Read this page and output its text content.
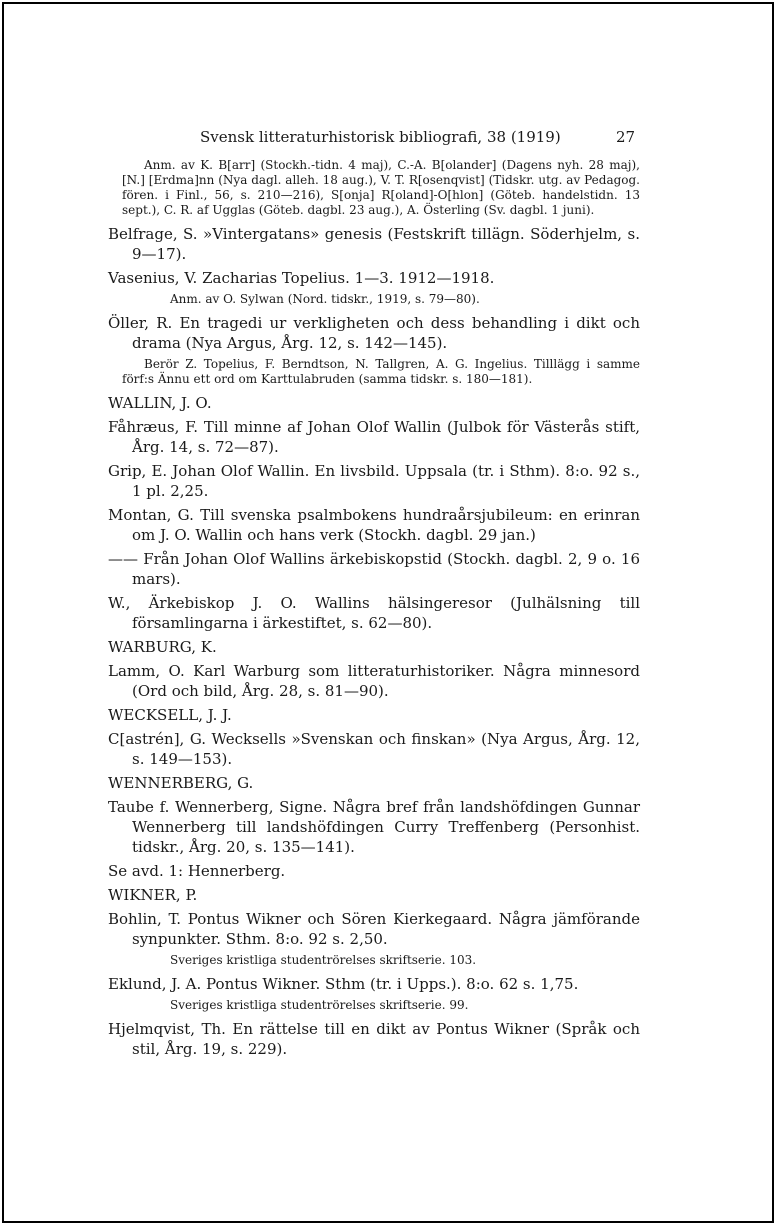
Svensk litteraturhistorisk bibliografi, 38 (1919)	27
Anm. av K. B[arr] (Stockh.-tidn. 4 maj), C.-A. B[olander] (Dagens nyh. 28 maj), [N.] [Erdma]nn (Nya dagl. alleh. 18 aug.), V. T. R[osenqvist] (Tidskr. utg. av Pedagog. fören. i Finl., 56, s. 210—216), S[onja] R[oland]-O[hlon] (Göteb. handelstidn. 13 sept.), C. R. af Ugglas (Göteb. dagbl. 23 aug.), A. Österling (Sv. dagbl. 1 juni).
Belfrage, S. »Vintergatans» genesis (Festskrift tillägn. Söderhjelm, s. 9—17).
Vasenius, V. Zacharias Topelius. 1—3. 1912—1918.
Anm. av O. Sylwan (Nord. tidskr., 1919, s. 79—80).
Öller, R. En tragedi ur verkligheten och dess behandling i dikt och drama (Nya Argus, Årg. 12, s. 142—145).
Berör Z. Topelius, F. Berndtson, N. Tallgren, A. G. Ingelius. Tilllägg i samme förf:s Ännu ett ord om Karttulabruden (samma tidskr. s. 180—181).
WALLIN, J. O.
Fåhræus, F. Till minne af Johan Olof Wallin (Julbok för Västerås stift, Årg. 14, s. 72—87).
Grip, E. Johan Olof Wallin. En livsbild. Uppsala (tr. i Sthm). 8:o. 92 s., 1 pl. 2,25.
Montan, G. Till svenska psalmbokens hundraårsjubileum: en erinran om J. O. Wallin och hans verk (Stockh. dagbl. 29 jan.)
—— Från Johan Olof Wallins ärkebiskopstid (Stockh. dagbl. 2, 9 o. 16 mars).
W., Ärkebiskop J. O. Wallins hälsingeresor (Julhälsning till församlingarna i ärkestiftet, s. 62—80).
WARBURG, K.
Lamm, O. Karl Warburg som litteraturhistoriker. Några minnesord (Ord och bild, Årg. 28, s. 81—90).
WECKSELL, J. J.
C[astrén], G. Wecksells »Svenskan och finskan» (Nya Argus, Årg. 12, s. 149—153).
WENNERBERG, G.
Taube f. Wennerberg, Signe. Några bref från landshöfdingen Gunnar Wennerberg till landshöfdingen Curry Treffenberg (Personhist. tidskr., Årg. 20, s. 135—141).
Se avd. 1: Hennerberg.
WIKNER, P.
Bohlin, T. Pontus Wikner och Sören Kierkegaard. Några jämförande synpunkter. Sthm. 8:o. 92 s. 2,50.
Sveriges kristliga studentrörelses skriftserie. 103.
Eklund, J. A. Pontus Wikner. Sthm (tr. i Upps.). 8:o. 62 s. 1,75.
Sveriges kristliga studentrörelses skriftserie. 99.
Hjelmqvist, Th. En rättelse till en dikt av Pontus Wikner (Språk och stil, Årg. 19, s. 229).
